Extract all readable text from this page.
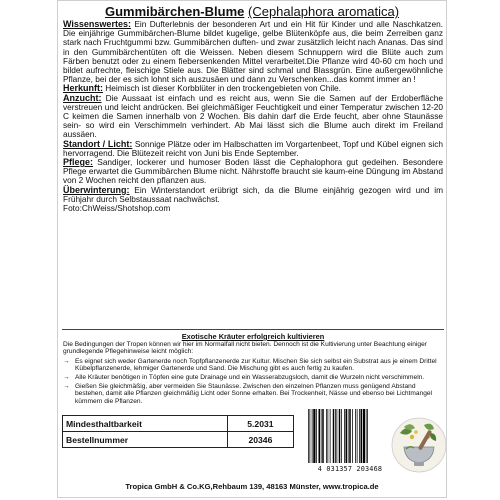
Gummibärchen-Blume (Cephalaphora aromatica)

Wissenswertes: Ein Dufterlebnis der besonderen Art und ein Hit für Kinder und alle Naschkatzen. Die einjährige Gummibärchen-Blume bildet kugelige, gelbe Blütenköpfe aus, die beim Zerreiben ganz stark nach Fruchtgummi bzw. Gummibärchen duften- und zwar zusätzlich leicht nach Ananas. Das sind in den Gummibärchentüten oft die Weissen. Neben diesem Schnuppern wird die Blüte auch zum Färben benutzt oder zu einem fiebersenkenden Mittel verarbeitet.Die Pflanze wird 40-60 cm hoch und bildet aufrechte, fleischige Stiele aus. Die Blätter sind schmal und Blassgrün. Eine außergewöhnliche Pflanze, bei der es sich lohnt sich auszusäen und dann zu Verschenken...das kommt immer an !

Herkunft: Heimisch ist dieser Korbblüter in den trockengebieten von Chile.

Anzucht: Die Aussaat ist einfach und es reicht aus, wenn Sie die Samen auf der Erdoberfläche verstreuen und leicht andrücken. Bei gleichmäßiger Feuchtigkeit und einer Temperatur zwischen 12-20 C keimen die Samen innerhalb von 2 Wochen. Bis dahin darf die Erde feucht, aber ohne Staunässe sein- so wird ein Verschimmeln verhindert. Ab Mai lässt sich die Blume auch direkt im Freiland aussäen.

Standort / Licht: Sonnige Plätze oder im Halbschatten im Vorgartenbeet, Topf und Kübel eignen sich hervorragend. Die Blütezeit reicht von Juni bis Ende September.

Pflege: Sandiger, lockerer und humoser Boden lässt die Cephalophora gut gedeihen. Besondere Pflege erwartet die Gummibärchen Blume nicht. Nährstoffe braucht sie kaum-eine Düngung im Abstand von 2 Wochen reicht den pflanzen aus.

Überwinterung: Ein Winterstandort erübrigt sich, da die Blume einjährig gezogen wird und im Frühjahr durch Selbstaussaat nachwächst.

Foto:ChWeiss/Shotshop.com

Exotische Kräuter erfolgreich kultivieren

Die Bedingungen der Tropen können wir hier im Normalfall nicht bieten. Dennoch ist die Kultivierung unter Beachtung einiger grundlegende Pflegehinweise leicht möglich:

→ Es eignet sich weder Gartenerde noch Topfpflanzenerde zur Kultur. Mischen Sie sich selbst ein Substrat aus je einem Drittel Kübelpflanzenerde, lehmiger Gartenerde und Sand. Die Mischung gibt es auch fertig zu kaufen.
→ Alle Kräuter benötigen in Töpfen eine gute Drainage und ein Wasserabzugsloch, damit die Wurzeln nicht verschimmeln.
→ Gießen Sie gleichmäßig, aber vermeiden Sie Staunässe. Zwischen den einzelnen Pflanzen muss genügend Abstand bestehen, damit alle Pflanzen gleichmäßig Licht oder Sonne erhalten. Bei Trockenheit, Nässe und ebenso bei Lichtmangel kümmern die Pflanzen.
Mindesthaltbarkeit	5.2031
Bestellnummer	20346
4 031357 203468
Tropica GmbH & Co.KG,Rehbaum 139, 48163 Münster, www.tropica.de
